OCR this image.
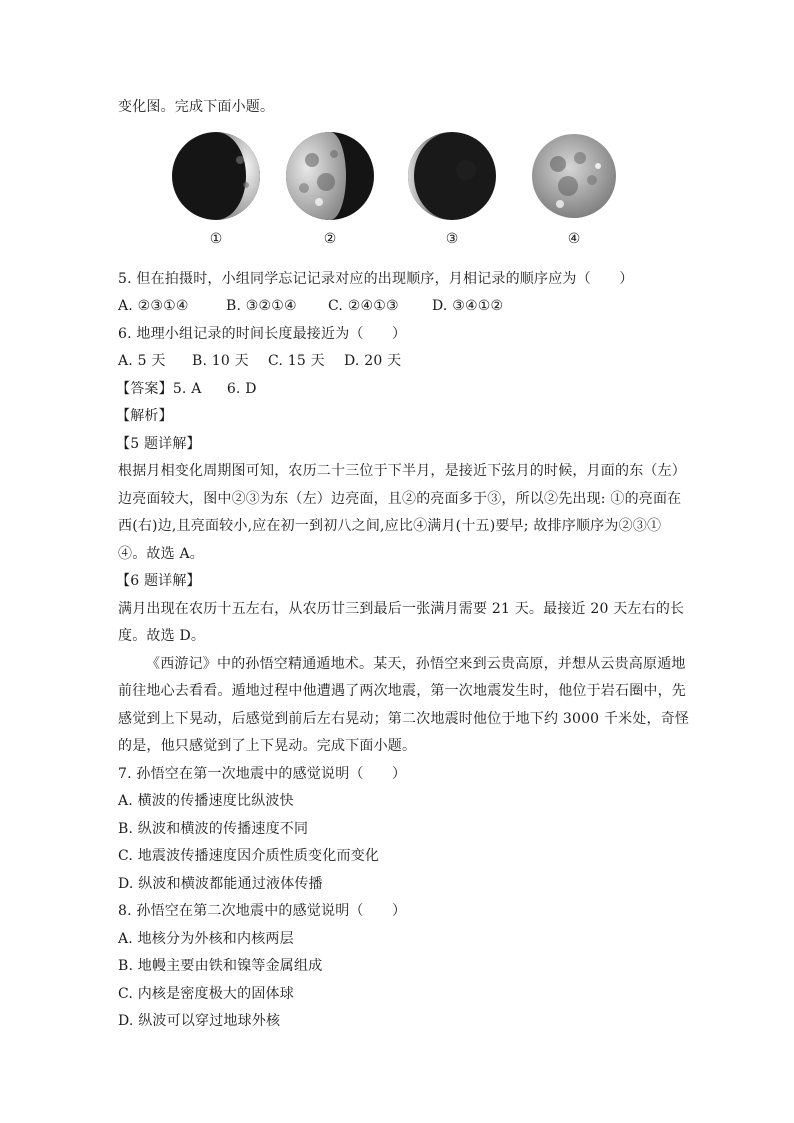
变化图。完成下面小题。
①	②	③	④
5. 但在拍摄时，小组同学忘记记录对应的出现顺序，月相记录的顺序应为（　　）
A. ②③①④	B. ③②①④ C. ②④①③ D. ③④①②
6. 地理小组记录的时间长度最接近为（　　）
A. 5 天 B. 10 天 C. 15 天 D. 20 天
【答案】5. A 6. D
【解析】
【5 题详解】
根据月相变化周期图可知，农历二十三位于下半月，是接近下弦月的时候，月面的东（左）
边亮面较大，图中②③为东（左）边亮面，且②的亮面多于③，所以②先出现: ①的亮面在
西(右)边,且亮面较小,应在初一到初八之间,应比④满月(十五)要早; 故排序顺序为②③①
④。故选 A。
【6 题详解】
满月出现在农历十五左右，从农历廿三到最后一张满月需要 21 天。最接近 20 天左右的长
度。故选 D。
《西游记》中的孙悟空精通遁地术。某天，孙悟空来到云贵高原，并想从云贵高原遁地
前往地心去看看。遁地过程中他遭遇了两次地震，第一次地震发生时，他位于岩石圈中，先
感觉到上下晃动，后感觉到前后左右晃动；第二次地震时他位于地下约 3000 千米处，奇怪
的是，他只感觉到了上下晃动。完成下面小题。
7. 孙悟空在第一次地震中的感觉说明（　　）
A. 横波的传播速度比纵波快
B. 纵波和横波的传播速度不同
C. 地震波传播速度因介质性质变化而变化
D. 纵波和横波都能通过液体传播
8. 孙悟空在第二次地震中的感觉说明（　　）
A. 地核分为外核和内核两层
B. 地幔主要由铁和镍等金属组成
C. 内核是密度极大的固体球
D. 纵波可以穿过地球外核
